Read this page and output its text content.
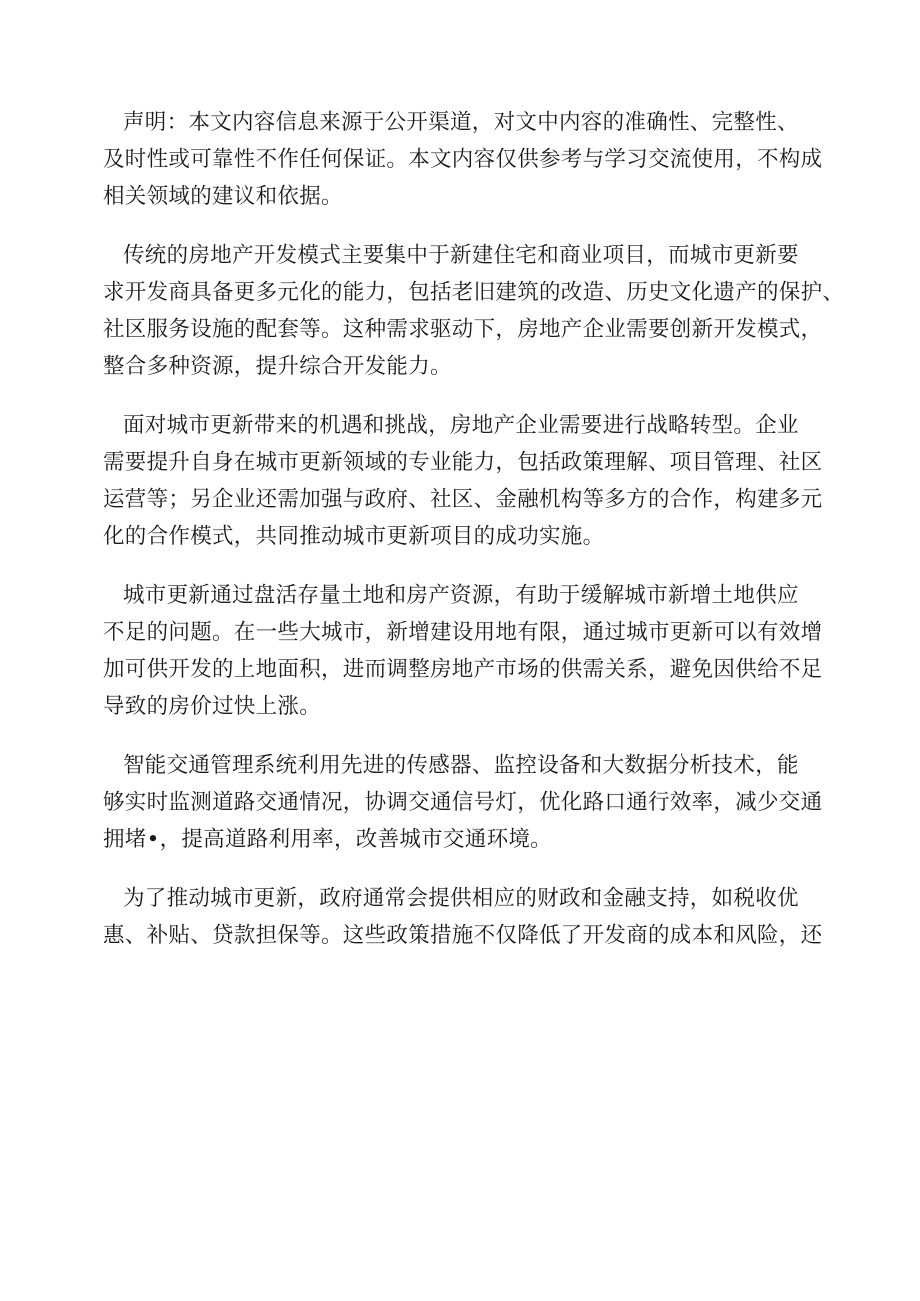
声明：本文内容信息来源于公开渠道，对文中内容的准确性、完整性、
及时性或可靠性不作任何保证。本文内容仅供参考与学习交流使用，不构成
相关领域的建议和依据。
传统的房地产开发模式主要集中于新建住宅和商业项目，而城市更新要
求开发商具备更多元化的能力，包括老旧建筑的改造、历史文化遗产的保护、
社区服务设施的配套等。这种需求驱动下，房地产企业需要创新开发模式，
整合多种资源，提升综合开发能力。
面对城市更新带来的机遇和挑战，房地产企业需要进行战略转型。企业
需要提升自身在城市更新领域的专业能力，包括政策理解、项目管理、社区
运营等；另企业还需加强与政府、社区、金融机构等多方的合作，构建多元
化的合作模式，共同推动城市更新项目的成功实施。
城市更新通过盘活存量土地和房产资源，有助于缓解城市新增土地供应
不足的问题。在一些大城市，新增建设用地有限，通过城市更新可以有效增
加可供开发的上地面积，进而调整房地产市场的供需关系，避免因供给不足
导致的房价过快上涨。
智能交通管理系统利用先进的传感器、监控设备和大数据分析技术，能
够实时监测道路交通情况，协调交通信号灯，优化路口通行效率，减少交通
拥堵•，提高道路利用率，改善城市交通环境。
为了推动城市更新，政府通常会提供相应的财政和金融支持，如税收优
惠、补贴、贷款担保等。这些政策措施不仅降低了开发商的成本和风险，还
